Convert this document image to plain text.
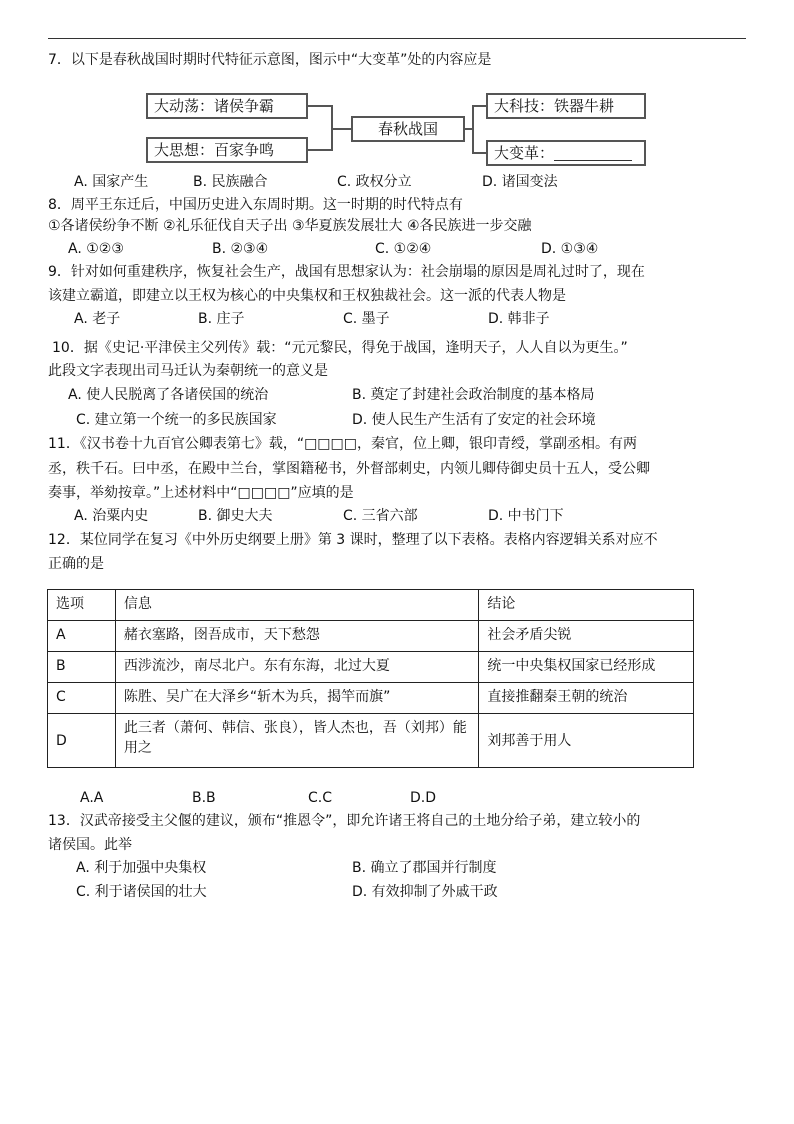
7．以下是春秋战国时期时代特征示意图，图示中“大变革”处的内容应是
大动荡：诸侯争霸
大思想：百家争鸣
春秋战国
大科技：铁器牛耕
大变革：
A. 国家产生	B. 民族融合	C. 政权分立	D. 诸国变法
8．周平王东迁后，中国历史进入东周时期。这一时期的时代特点有
①各诸侯纷争不断 ②礼乐征伐自天子出 ③华夏族发展壮大 ④各民族进一步交融
A. ①②③	B. ②③④	C. ①②④	D. ①③④
9．针对如何重建秩序，恢复社会生产，战国有思想家认为：社会崩塌的原因是周礼过时了，现在
该建立霸道，即建立以王权为核心的中央集权和王权独裁社会。这一派的代表人物是
A. 老子	B. 庄子	C. 墨子	D. 韩非子
10．据《史记·平津侯主父列传》载：“元元黎民，得免于战国，逢明天子，人人自以为更生。”
此段文字表现出司马迁认为秦朝统一的意义是
A. 使人民脱离了各诸侯国的统治	B. 奠定了封建社会政治制度的基本格局
C. 建立第一个统一的多民族国家	D. 使人民生产生活有了安定的社会环境
11．《汉书卷十九百官公卿表第七》载，“□□□□，秦官，位上卿，银印青绶，掌副丞相。有两
丞，秩千石。曰中丞，在殿中兰台，掌图籍秘书，外督部刺史，内领儿卿侍御史员十五人，受公卿
奏事，举劾按章。”上述材料中“□□□□”应填的是
A. 治粟内史	B. 御史大夫	C. 三省六部	D. 中书门下
12．某位同学在复习《中外历史纲要上册》第 3 课时，整理了以下表格。表格内容逻辑关系对应不
正确的是
选项	信息	结论
A	赭衣塞路，囹吾成市，天下愁怨	社会矛盾尖锐
B	西涉流沙，南尽北户。东有东海，北过大夏	统一中央集权国家已经形成
C	陈胜、吴广在大泽乡“斩木为兵，揭竿而旗”	直接推翻秦王朝的统治
D	此三者（萧何、韩信、张良），皆人杰也，吾（刘邦）能用之	刘邦善于用人
A.A	B.B	C.C	D.D
13．汉武帝接受主父偃的建议，颁布“推恩令”，即允许诸王将自己的土地分给子弟，建立较小的
诸侯国。此举
A. 利于加强中央集权	B. 确立了郡国并行制度
C. 利于诸侯国的壮大	D. 有效抑制了外戚干政
